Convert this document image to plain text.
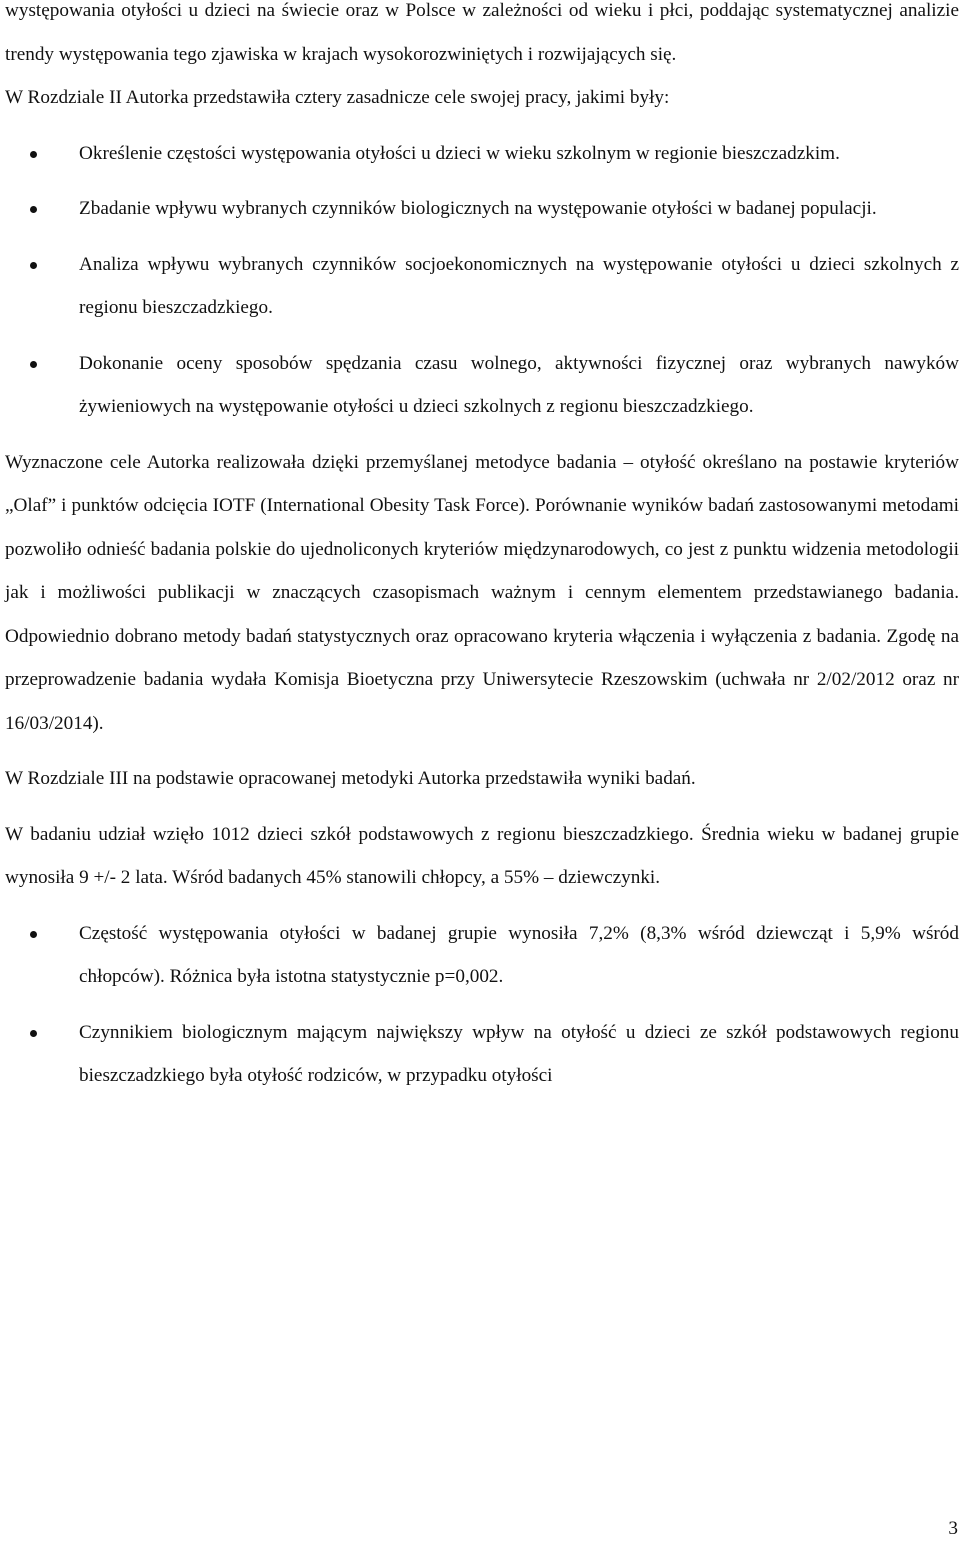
występowania otyłości u dzieci na świecie oraz w Polsce w zależności od wieku i płci, poddając systematycznej analizie trendy występowania tego zjawiska w krajach wysokorozwiniętych i rozwijających się.

W Rozdziale II Autorka przedstawiła cztery zasadnicze cele swojej pracy, jakimi były:

Określenie częstości występowania otyłości u dzieci w wieku szkolnym w regionie bieszczadzkim.
Zbadanie wpływu wybranych czynników biologicznych na występowanie otyłości w badanej populacji.
Analiza wpływu wybranych czynników socjoekonomicznych na występowanie otyłości u dzieci szkolnych z regionu bieszczadzkiego.
Dokonanie oceny sposobów spędzania czasu wolnego, aktywności fizycznej oraz wybranych nawyków żywieniowych na występowanie otyłości u dzieci szkolnych z regionu bieszczadzkiego.

Wyznaczone cele Autorka realizowała dzięki przemyślanej metodyce badania – otyłość określano na postawie kryteriów „Olaf” i punktów odcięcia IOTF (International Obesity Task Force). Porównanie wyników badań zastosowanymi metodami pozwoliło odnieść badania polskie do ujednoliconych kryteriów międzynarodowych, co jest z punktu widzenia metodologii jak i możliwości publikacji w znaczących czasopismach ważnym i cennym elementem przedstawianego badania. Odpowiednio dobrano metody badań statystycznych oraz opracowano kryteria włączenia i wyłączenia z badania. Zgodę na przeprowadzenie badania wydała Komisja Bioetyczna przy Uniwersytecie Rzeszowskim (uchwała nr 2/02/2012 oraz nr 16/03/2014).

W Rozdziale III na podstawie opracowanej metodyki Autorka przedstawiła wyniki badań.

W badaniu udział wzięło 1012 dzieci szkół podstawowych z regionu bieszczadzkiego. Średnia wieku w badanej grupie wynosiła 9 +/- 2 lata. Wśród badanych 45% stanowili chłopcy, a 55% – dziewczynki.

Częstość występowania otyłości w badanej grupie wynosiła 7,2% (8,3% wśród dziewcząt i 5,9% wśród chłopców). Różnica była istotna statystycznie p=0,002.
Czynnikiem biologicznym mającym największy wpływ na otyłość u dzieci ze szkół podstawowych regionu bieszczadzkiego była otyłość rodziców, w przypadku otyłości
3
